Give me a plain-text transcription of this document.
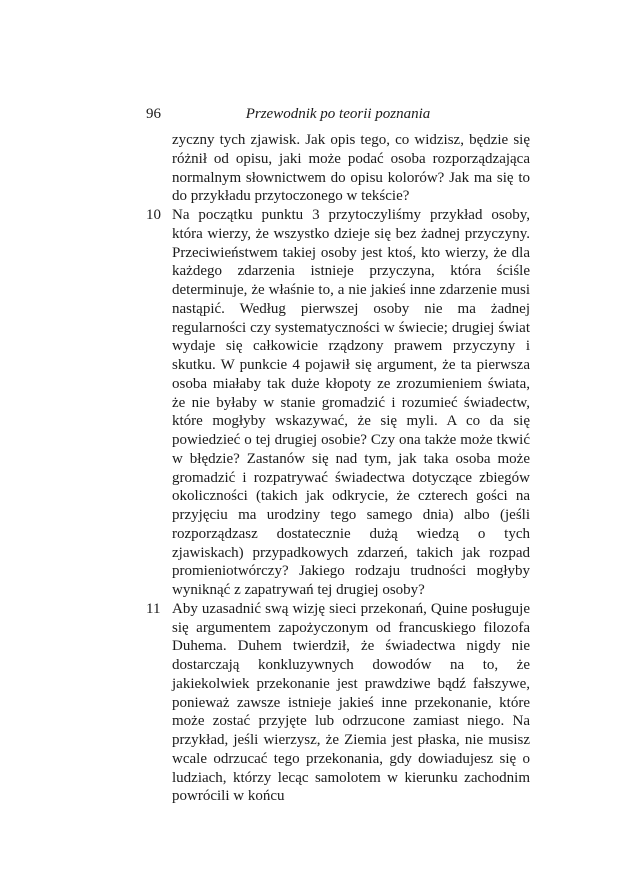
96	Przewodnik po teorii poznania
zyczny tych zjawisk. Jak opis tego, co widzisz, będzie się różnił od opisu, jaki może podać osoba rozporządzająca normalnym słownictwem do opisu kolorów? Jak ma się to do przykładu przytoczonego w tekście?
10 Na początku punktu 3 przytoczyliśmy przykład osoby, która wierzy, że wszystko dzieje się bez żadnej przyczyny. Przeciwieństwem takiej osoby jest ktoś, kto wierzy, że dla każdego zdarzenia istnieje przyczyna, która ściśle determinuje, że właśnie to, a nie jakieś inne zdarzenie musi nastąpić. Według pierwszej osoby nie ma żadnej regularności czy systematyczności w świecie; drugiej świat wydaje się całkowicie rządzony prawem przyczyny i skutku. W punkcie 4 pojawił się argument, że ta pierwsza osoba miałaby tak duże kłopoty ze zrozumieniem świata, że nie byłaby w stanie gromadzić i rozumieć świadectw, które mogłyby wskazywać, że się myli. A co da się powiedzieć o tej drugiej osobie? Czy ona także może tkwić w błędzie? Zastanów się nad tym, jak taka osoba może gromadzić i rozpatrywać świadectwa dotyczące zbiegów okoliczności (takich jak odkrycie, że czterech gości na przyjęciu ma urodziny tego samego dnia) albo (jeśli rozporządzasz dostatecznie dużą wiedzą o tych zjawiskach) przypadkowych zdarzeń, takich jak rozpad promieniotwórczy? Jakiego rodzaju trudności mogłyby wyniknąć z zapatrywań tej drugiej osoby?
11 Aby uzasadnić swą wizję sieci przekonań, Quine posługuje się argumentem zapożyczonym od francuskiego filozofa Duhema. Duhem twierdził, że świadectwa nigdy nie dostarczają konkluzywnych dowodów na to, że jakiekolwiek przekonanie jest prawdziwe bądź fałszywe, ponieważ zawsze istnieje jakieś inne przekonanie, które może zostać przyjęte lub odrzucone zamiast niego. Na przykład, jeśli wierzysz, że Ziemia jest płaska, nie musisz wcale odrzucać tego przekonania, gdy dowiadujesz się o ludziach, którzy lecąc samolotem w kierunku zachodnim powrócili w końcu
